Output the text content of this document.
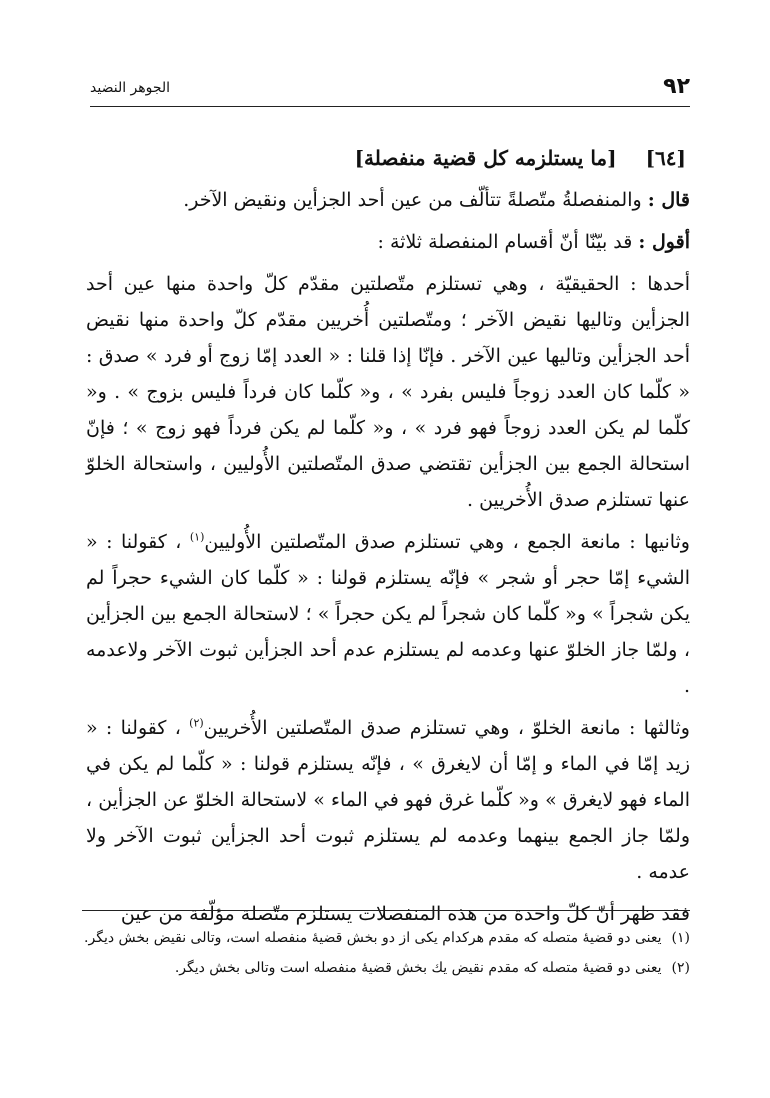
٩٢
الجوهر النضيد
[٦٤] [ما يستلزمه كل قضية منفصلة]

قال : والمنفصلةُ متّصلةً تتألّف من عين أحد الجزأين ونقيض الآخر.

أقول : قد بيّنّا أنّ أقسام المنفصلة ثلاثة :

أحدها : الحقيقيّة ، وهي تستلزم متّصلتين مقدّم كلّ واحدة منها عين أحد الجزأين وتاليها نقيض الآخر ؛ ومتّصلتين أُخريين مقدّم كلّ واحدة منها نقيض أحد الجزأين وتاليها عين الآخر . فإنّا إذا قلنا : « العدد إمّا زوج أو فرد » صدق : « كلّما كان العدد زوجاً فليس بفرد » ، و« كلّما كان فرداً فليس بزوج » . و« كلّما لم يكن العدد زوجاً فهو فرد » ، و« كلّما لم يكن فرداً فهو زوج » ؛ فإنّ استحالة الجمع بين الجزأين تقتضي صدق المتّصلتين الأُوليين ، واستحالة الخلوّ عنها تستلزم صدق الأُخريين .

وثانيها : مانعة الجمع ، وهي تستلزم صدق المتّصلتين الأُوليين$^{(١)}$ ، كقولنا : « الشيء إمّا حجر أو شجر » فإنّه يستلزم قولنا : « كلّما كان الشيء حجراً لم يكن شجراً » و« كلّما كان شجراً لم يكن حجراً » ؛ لاستحالة الجمع بين الجزأين ، ولمّا جاز الخلوّ عنها وعدمه لم يستلزم عدم أحد الجزأين ثبوت الآخر ولاعدمه .

وثالثها : مانعة الخلوّ ، وهي تستلزم صدق المتّصلتين الأُخريين$^{(٢)}$ ، كقولنا : « زيد إمّا في الماء و إمّا أن لايغرق » ، فإنّه يستلزم قولنا : « كلّما لم يكن في الماء فهو لايغرق » و« كلّما غرق فهو في الماء » لاستحالة الخلوّ عن الجزأين ، ولمّا جاز الجمع بينهما وعدمه لم يستلزم ثبوت أحد الجزأين ثبوت الآخر ولا عدمه .

فقد ظهر أنّ كلّ واحدة من هذه المنفصلات يستلزم متّصلة مؤلّفة من عين

(١)يعنى دو قضيهٔ متصله كه مقدم هركدام يكى از دو بخش قضيهٔ منفصله است، وتالى نقيض بخش ديگر.
(٢)يعنى دو قضيهٔ متصله كه مقدم نقيض يك بخش قضيهٔ منفصله است وتالى بخش ديگر.
